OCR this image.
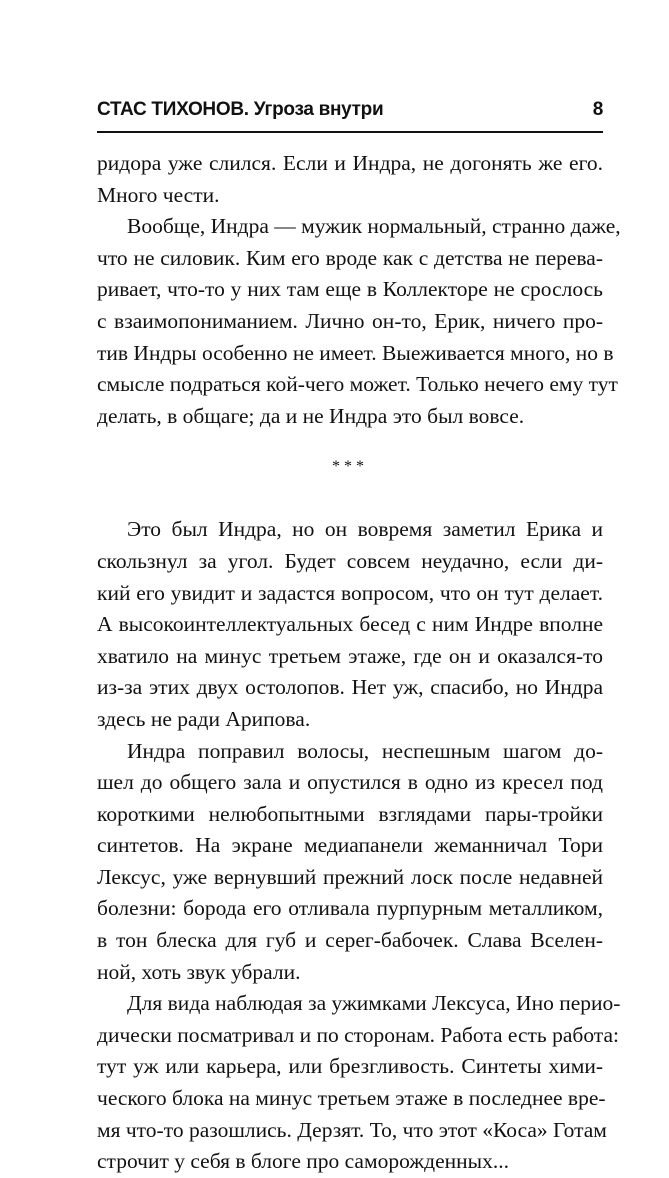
СТАС ТИХОНОВ. Угроза внутри	8
ридора уже слился. Если и Индра, не догонять же его.
Много чести.
Вообще, Индра — мужик нормальный, странно даже,
что не силовик. Ким его вроде как с детства не перева-
ривает, что-то у них там еще в Коллекторе не срослось
с взаимопониманием. Лично он-то, Ерик, ничего про-
тив Индры особенно не имеет. Выеживается много, но в
смысле подраться кой-чего может. Только нечего ему тут
делать, в общаге; да и не Индра это был вовсе.
***
Это был Индра, но он вовремя заметил Ерика и
скользнул за угол. Будет совсем неудачно, если ди-
кий его увидит и задастся вопросом, что он тут делает.
А высокоинтеллектуальных бесед с ним Индре вполне
хватило на минус третьем этаже, где он и оказался-то
из-за этих двух остолопов. Нет уж, спасибо, но Индра
здесь не ради Арипова.
Индра поправил волосы, неспешным шагом до-
шел до общего зала и опустился в одно из кресел под
короткими нелюбопытными взглядами пары-тройки
синтетов. На экране медиапанели жеманничал Тори
Лексус, уже вернувший прежний лоск после недавней
болезни: борода его отливала пурпурным металликом,
в тон блеска для губ и серег-бабочек. Слава Вселен-
ной, хоть звук убрали.
Для вида наблюдая за ужимками Лексуса, Ино перио-
дически посматривал и по сторонам. Работа есть работа:
тут уж или карьера, или брезгливость. Синтеты хими-
ческого блока на минус третьем этаже в последнее вре-
мя что-то разошлись. Дерзят. То, что этот «Коса» Готам
строчит у себя в блоге про саморожденных...
